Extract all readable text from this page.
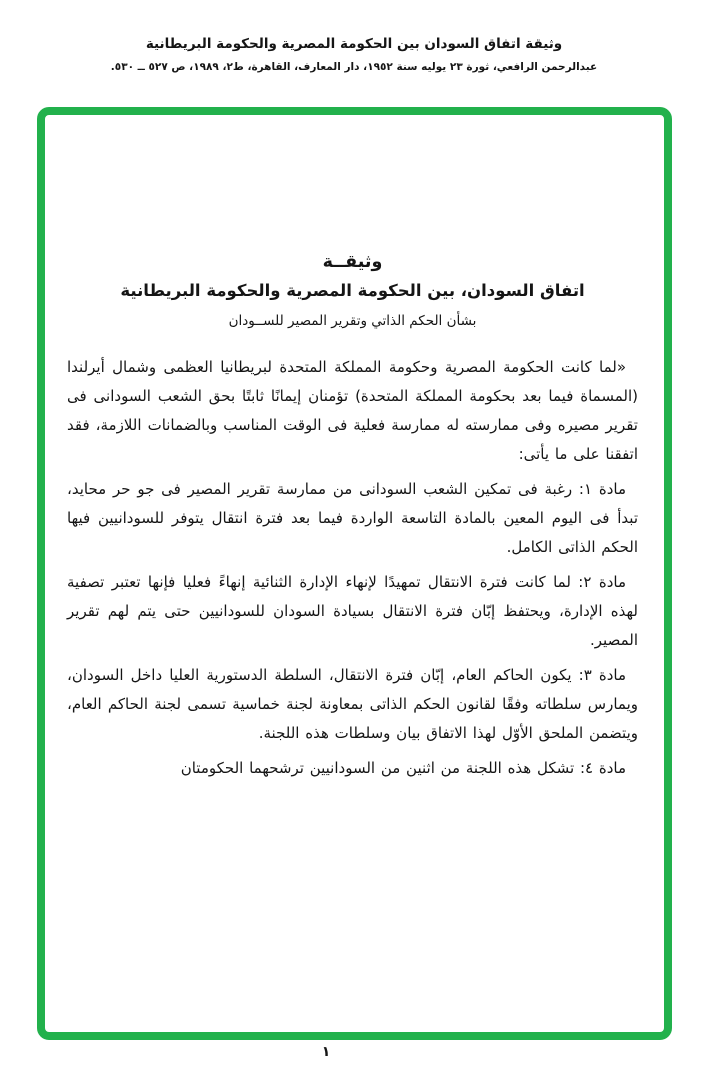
وثيقة اتفاق السودان بين الحكومة المصرية والحكومة البريطانية
عبدالرحمن الرافعي، ثورة ٢٣ يوليه سنة ١٩٥٢، دار المعارف، القاهرة، ط٢، ١٩٨٩، ص ٥٢٧ ــ ٥٣٠.
وثيقــة
اتفاق السودان، بين الحكومة المصرية والحكومة البريطانية
بشأن الحكم الذاتي وتقرير المصير للســودان

«لما كانت الحكومة المصرية وحكومة المملكة المتحدة لبريطانيا العظمى وشمال أيرلندا (المسماة فيما بعد بحكومة المملكة المتحدة) تؤمنان إيمانًا ثابتًا بحق الشعب السودانى فى تقرير مصيره وفى ممارسته له ممارسة فعلية فى الوقت المناسب وبالضمانات اللازمة، فقد اتفقنا على ما يأتى:

مادة ١: رغبة فى تمكين الشعب السودانى من ممارسة تقرير المصير فى جو حر محايد، تبدأ فى اليوم المعين بالمادة التاسعة الواردة فيما بعد فترة انتقال يتوفر للسودانيين فيها الحكم الذاتى الكامل.

مادة ٢: لما كانت فترة الانتقال تمهيدًا لإنهاء الإدارة الثنائية إنهاءً فعليا فإنها تعتبر تصفية لهذه الإدارة، ويحتفظ إبّان فترة الانتقال بسيادة السودان للسودانيين حتى يتم لهم تقرير المصير.

مادة ٣: يكون الحاكم العام، إبّان فترة الانتقال، السلطة الدستورية العليا داخل السودان، ويمارس سلطاته وفقًا لقانون الحكم الذاتى بمعاونة لجنة خماسية تسمى لجنة الحاكم العام، ويتضمن الملحق الأوّل لهذا الاتفاق بيان وسلطات هذه اللجنة.

مادة ٤: تشكل هذه اللجنة من اثنين من السودانيين ترشحهما الحكومتان

١
